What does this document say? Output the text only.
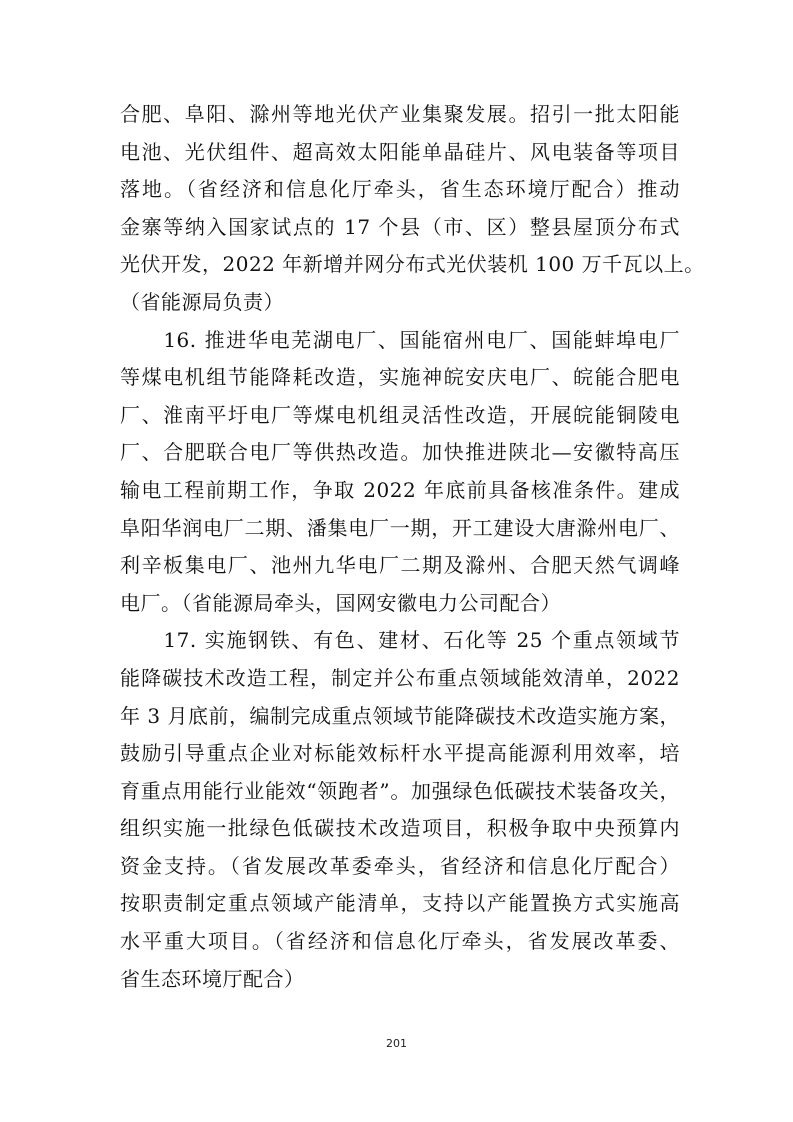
合肥、阜阳、滁州等地光伏产业集聚发展。招引一批太阳能
电池、光伏组件、超高效太阳能单晶硅片、风电装备等项目
落地。（省经济和信息化厅牵头，省生态环境厅配合）推动
金寨等纳入国家试点的 17 个县（市、区）整县屋顶分布式
光伏开发，2022 年新增并网分布式光伏装机 100 万千瓦以上。
（省能源局负责）
　　16. 推进华电芜湖电厂、国能宿州电厂、国能蚌埠电厂
等煤电机组节能降耗改造，实施神皖安庆电厂、皖能合肥电
厂、淮南平圩电厂等煤电机组灵活性改造，开展皖能铜陵电
厂、合肥联合电厂等供热改造。加快推进陕北—安徽特高压
输电工程前期工作，争取 2022 年底前具备核准条件。建成
阜阳华润电厂二期、潘集电厂一期，开工建设大唐滁州电厂、
利辛板集电厂、池州九华电厂二期及滁州、合肥天然气调峰
电厂。（省能源局牵头，国网安徽电力公司配合）
　　17. 实施钢铁、有色、建材、石化等 25 个重点领域节
能降碳技术改造工程，制定并公布重点领域能效清单，2022
年 3 月底前，编制完成重点领域节能降碳技术改造实施方案，
鼓励引导重点企业对标能效标杆水平提高能源利用效率，培
育重点用能行业能效“领跑者”。加强绿色低碳技术装备攻关，
组织实施一批绿色低碳技术改造项目，积极争取中央预算内
资金支持。（省发展改革委牵头，省经济和信息化厅配合）
按职责制定重点领域产能清单，支持以产能置换方式实施高
水平重大项目。（省经济和信息化厅牵头，省发展改革委、
省生态环境厅配合）
201
